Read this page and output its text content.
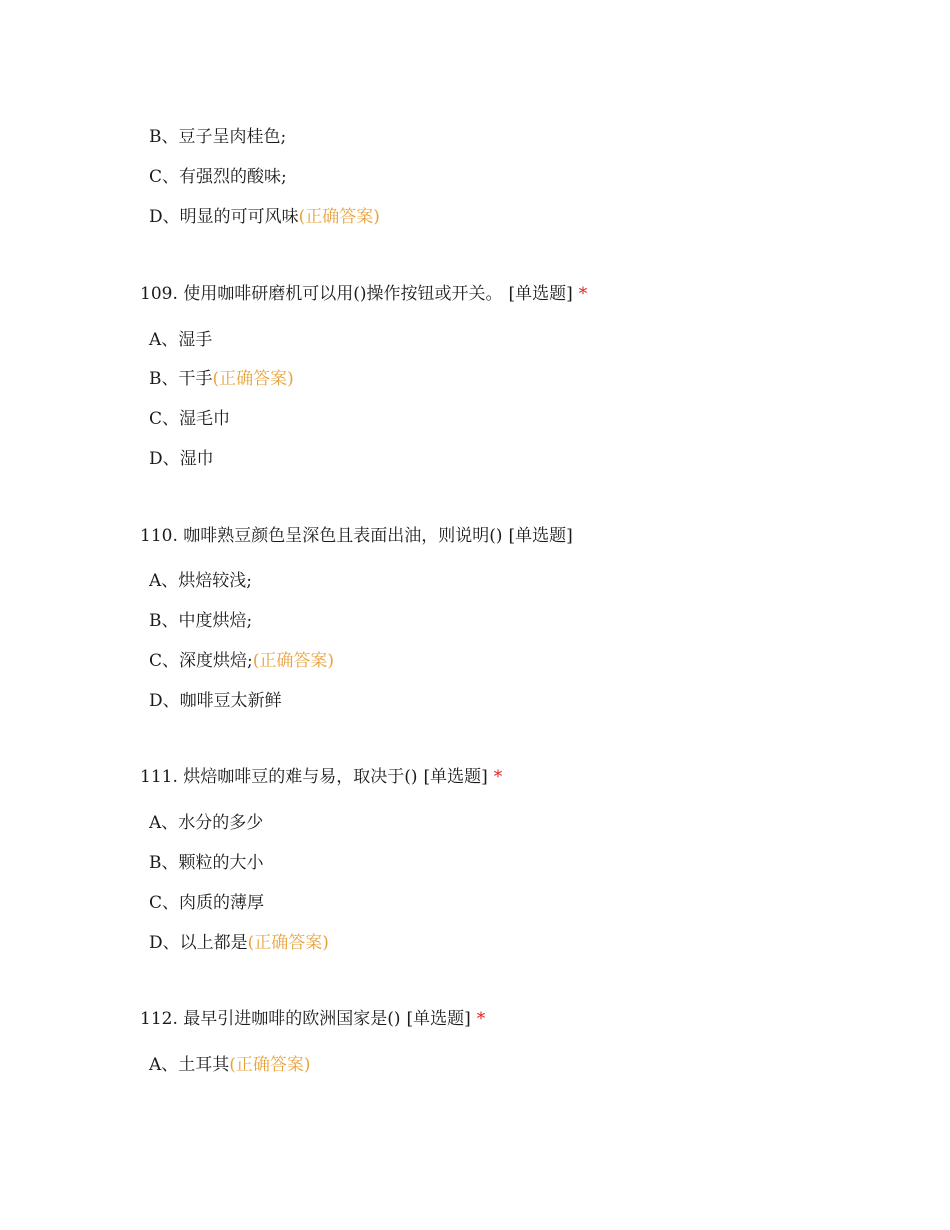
B、豆子呈肉桂色;
C、有强烈的酸味;
D、明显的可可风味(正确答案)
109. 使用咖啡研磨机可以用()操作按钮或开关。 [单选题] *
A、湿手
B、干手(正确答案)
C、湿毛巾
D、湿巾
110. 咖啡熟豆颜色呈深色且表面出油，则说明() [单选题]
A、烘焙较浅;
B、中度烘焙;
C、深度烘焙;(正确答案)
D、咖啡豆太新鲜
111. 烘焙咖啡豆的难与易，取决于() [单选题] *
A、水分的多少
B、颗粒的大小
C、肉质的薄厚
D、以上都是(正确答案)
112. 最早引进咖啡的欧洲国家是() [单选题] *
A、土耳其(正确答案)
